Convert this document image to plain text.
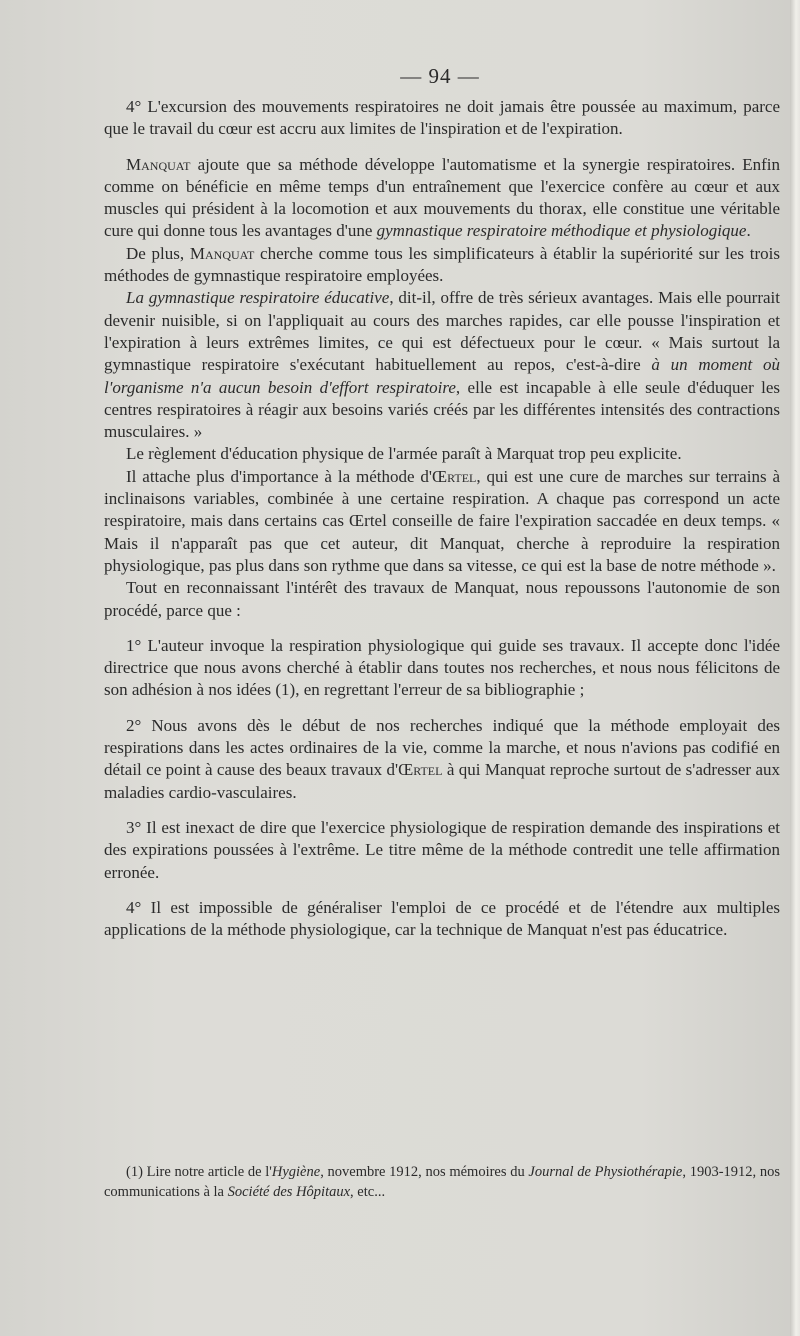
— 94 —

4° L'excursion des mouvements respiratoires ne doit jamais être poussée au maximum, parce que le travail du cœur est accru aux limites de l'inspiration et de l'expiration.

Manquat ajoute que sa méthode développe l'automatisme et la synergie respiratoires. Enfin comme on bénéficie en même temps d'un entraînement que l'exercice confère au cœur et aux muscles qui président à la locomotion et aux mouvements du thorax, elle constitue une véritable cure qui donne tous les avantages d'une gymnastique respiratoire méthodique et physiologique.

De plus, Manquat cherche comme tous les simplificateurs à établir la supériorité sur les trois méthodes de gymnastique respiratoire employées.

La gymnastique respiratoire éducative, dit-il, offre de très sérieux avantages. Mais elle pourrait devenir nuisible, si on l'appliquait au cours des marches rapides, car elle pousse l'inspiration et l'expiration à leurs extrêmes limites, ce qui est défectueux pour le cœur. « Mais surtout la gymnastique respiratoire s'exécutant habituellement au repos, c'est-à-dire à un moment où l'organisme n'a aucun besoin d'effort respiratoire, elle est incapable à elle seule d'éduquer les centres respiratoires à réagir aux besoins variés créés par les différentes intensités des contractions musculaires. »

Le règlement d'éducation physique de l'armée paraît à Marquat trop peu explicite.

Il attache plus d'importance à la méthode d'Œrtel, qui est une cure de marches sur terrains à inclinaisons variables, combinée à une certaine respiration. A chaque pas correspond un acte respiratoire, mais dans certains cas Œrtel conseille de faire l'expiration saccadée en deux temps. « Mais il n'apparaît pas que cet auteur, dit Manquat, cherche à reproduire la respiration physiologique, pas plus dans son rythme que dans sa vitesse, ce qui est la base de notre méthode ».

Tout en reconnaissant l'intérêt des travaux de Manquat, nous repoussons l'autonomie de son procédé, parce que :

1° L'auteur invoque la respiration physiologique qui guide ses travaux. Il accepte donc l'idée directrice que nous avons cherché à établir dans toutes nos recherches, et nous nous félicitons de son adhésion à nos idées (1), en regrettant l'erreur de sa bibliographie ;

2° Nous avons dès le début de nos recherches indiqué que la méthode employait des respirations dans les actes ordinaires de la vie, comme la marche, et nous n'avions pas codifié en détail ce point à cause des beaux travaux d'Œrtel à qui Manquat reproche surtout de s'adresser aux maladies cardio-vasculaires.

3° Il est inexact de dire que l'exercice physiologique de respiration demande des inspirations et des expirations poussées à l'extrême. Le titre même de la méthode contredit une telle affirmation erronée.

4° Il est impossible de généraliser l'emploi de ce procédé et de l'étendre aux multiples applications de la méthode physiologique, car la technique de Manquat n'est pas éducatrice.

(1) Lire notre article de l'Hygiène, novembre 1912, nos mémoires du Journal de Physiothérapie, 1903-1912, nos communications à la Société des Hôpitaux, etc...
